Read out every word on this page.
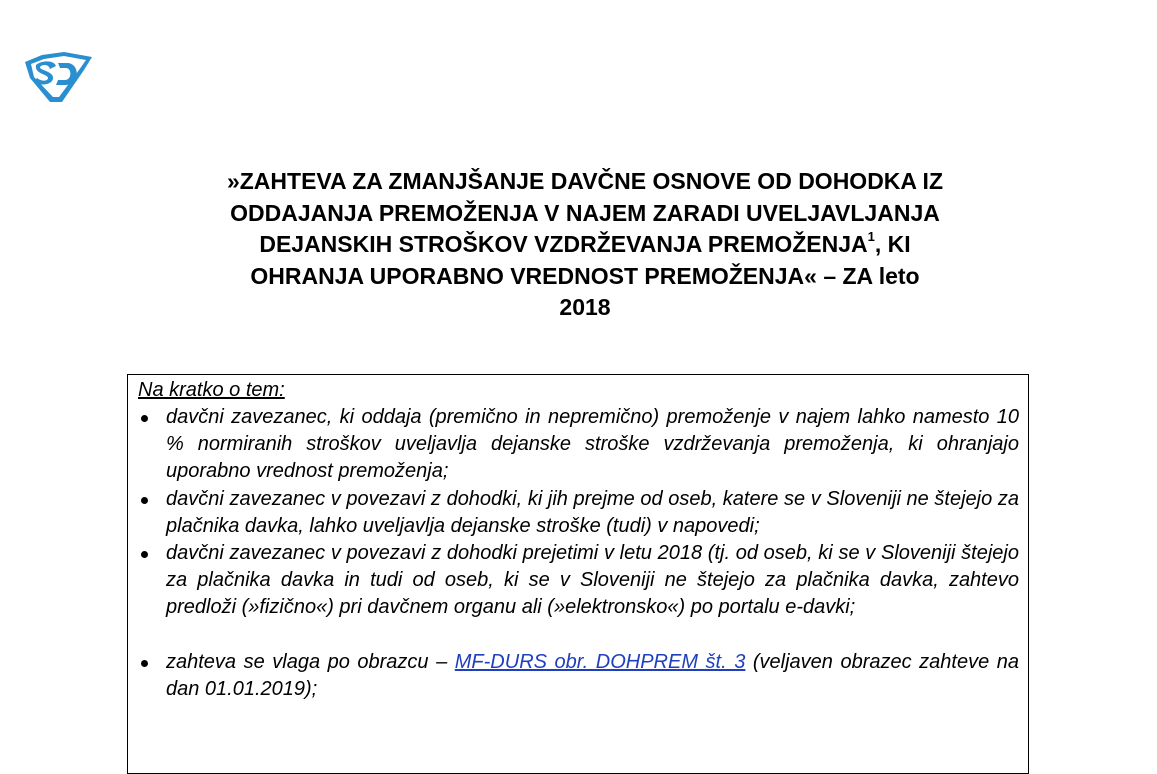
»ZAHTEVA ZA ZMANJŠANJE DAVČNE OSNOVE OD DOHODKA IZ
ODDAJANJA PREMOŽENJA V NAJEM ZARADI UVELJAVLJANJA
DEJANSKIH STROŠKOV VZDRŽEVANJA PREMOŽENJA$^1$, KI
OHRANJA UPORABNO VREDNOST PREMOŽENJA« – ZA leto
2018
Na kratko o tem:
davčni zavezanec, ki oddaja (premično in nepremično) premoženje v najem lahko namesto 10 % normiranih stroškov uveljavlja dejanske stroške vzdrževanja premoženja, ki ohranjajo uporabno vrednost premoženja;
davčni zavezanec v povezavi z dohodki, ki jih prejme od oseb, katere se v Sloveniji ne štejejo za plačnika davka, lahko uveljavlja dejanske stroške (tudi) v napovedi;
davčni zavezanec v povezavi z dohodki prejetimi v letu 2018 (tj. od oseb, ki se v Sloveniji štejejo za plačnika davka in tudi od oseb, ki se v Sloveniji ne štejejo za plačnika davka, zahtevo predloži (»fizično«) pri davčnem organu ali (»elektronsko«) po portalu e-davki;
zahteva se vlaga po obrazcu – MF-DURS obr. DOHPREM št. 3 (veljaven obrazec zahteve na dan 01.01.2019);
